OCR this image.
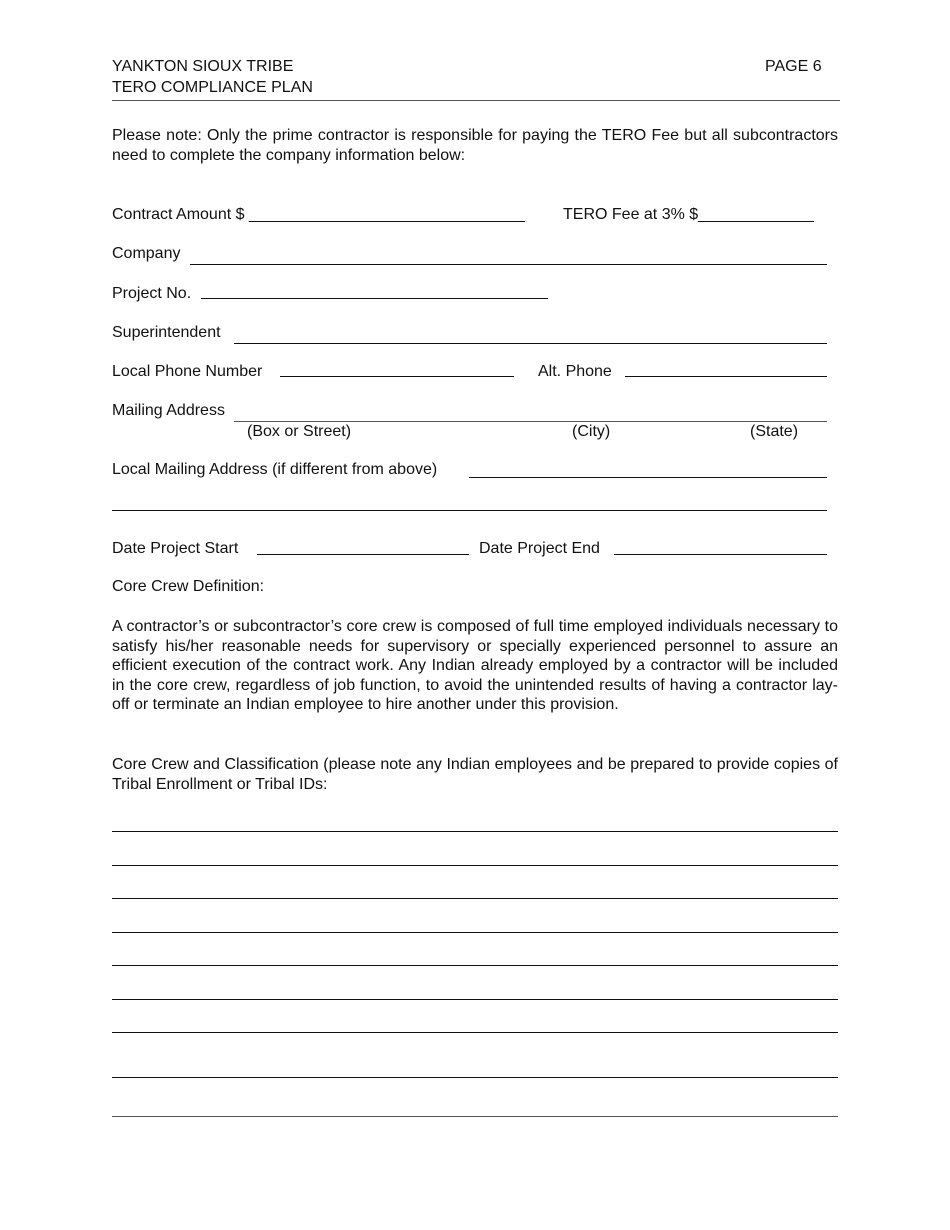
YANKTON SIOUX TRIBE
TERO COMPLIANCE PLAN
PAGE 6
Please note: Only the prime contractor is responsible for paying the TERO Fee but all subcontractors need to complete the company information below:
Contract Amount $ _______________________________ TERO Fee at 3% $_____________
Company
Project No.
Superintendent
Local Phone Number	Alt. Phone
Mailing Address
(Box or Street)	(City)	(State)
Local Mailing Address (if different from above)
Date Project Start	Date Project End
Core Crew Definition:
A contractor’s or subcontractor’s core crew is composed of full time employed individuals necessary to satisfy his/her reasonable needs for supervisory or specially experienced personnel to assure an efficient execution of the contract work. Any Indian already employed by a contractor will be included in the core crew, regardless of job function, to avoid the unintended results of having a contractor lay-off or terminate an Indian employee to hire another under this provision.
Core Crew and Classification (please note any Indian employees and be prepared to provide copies of Tribal Enrollment or Tribal IDs:
